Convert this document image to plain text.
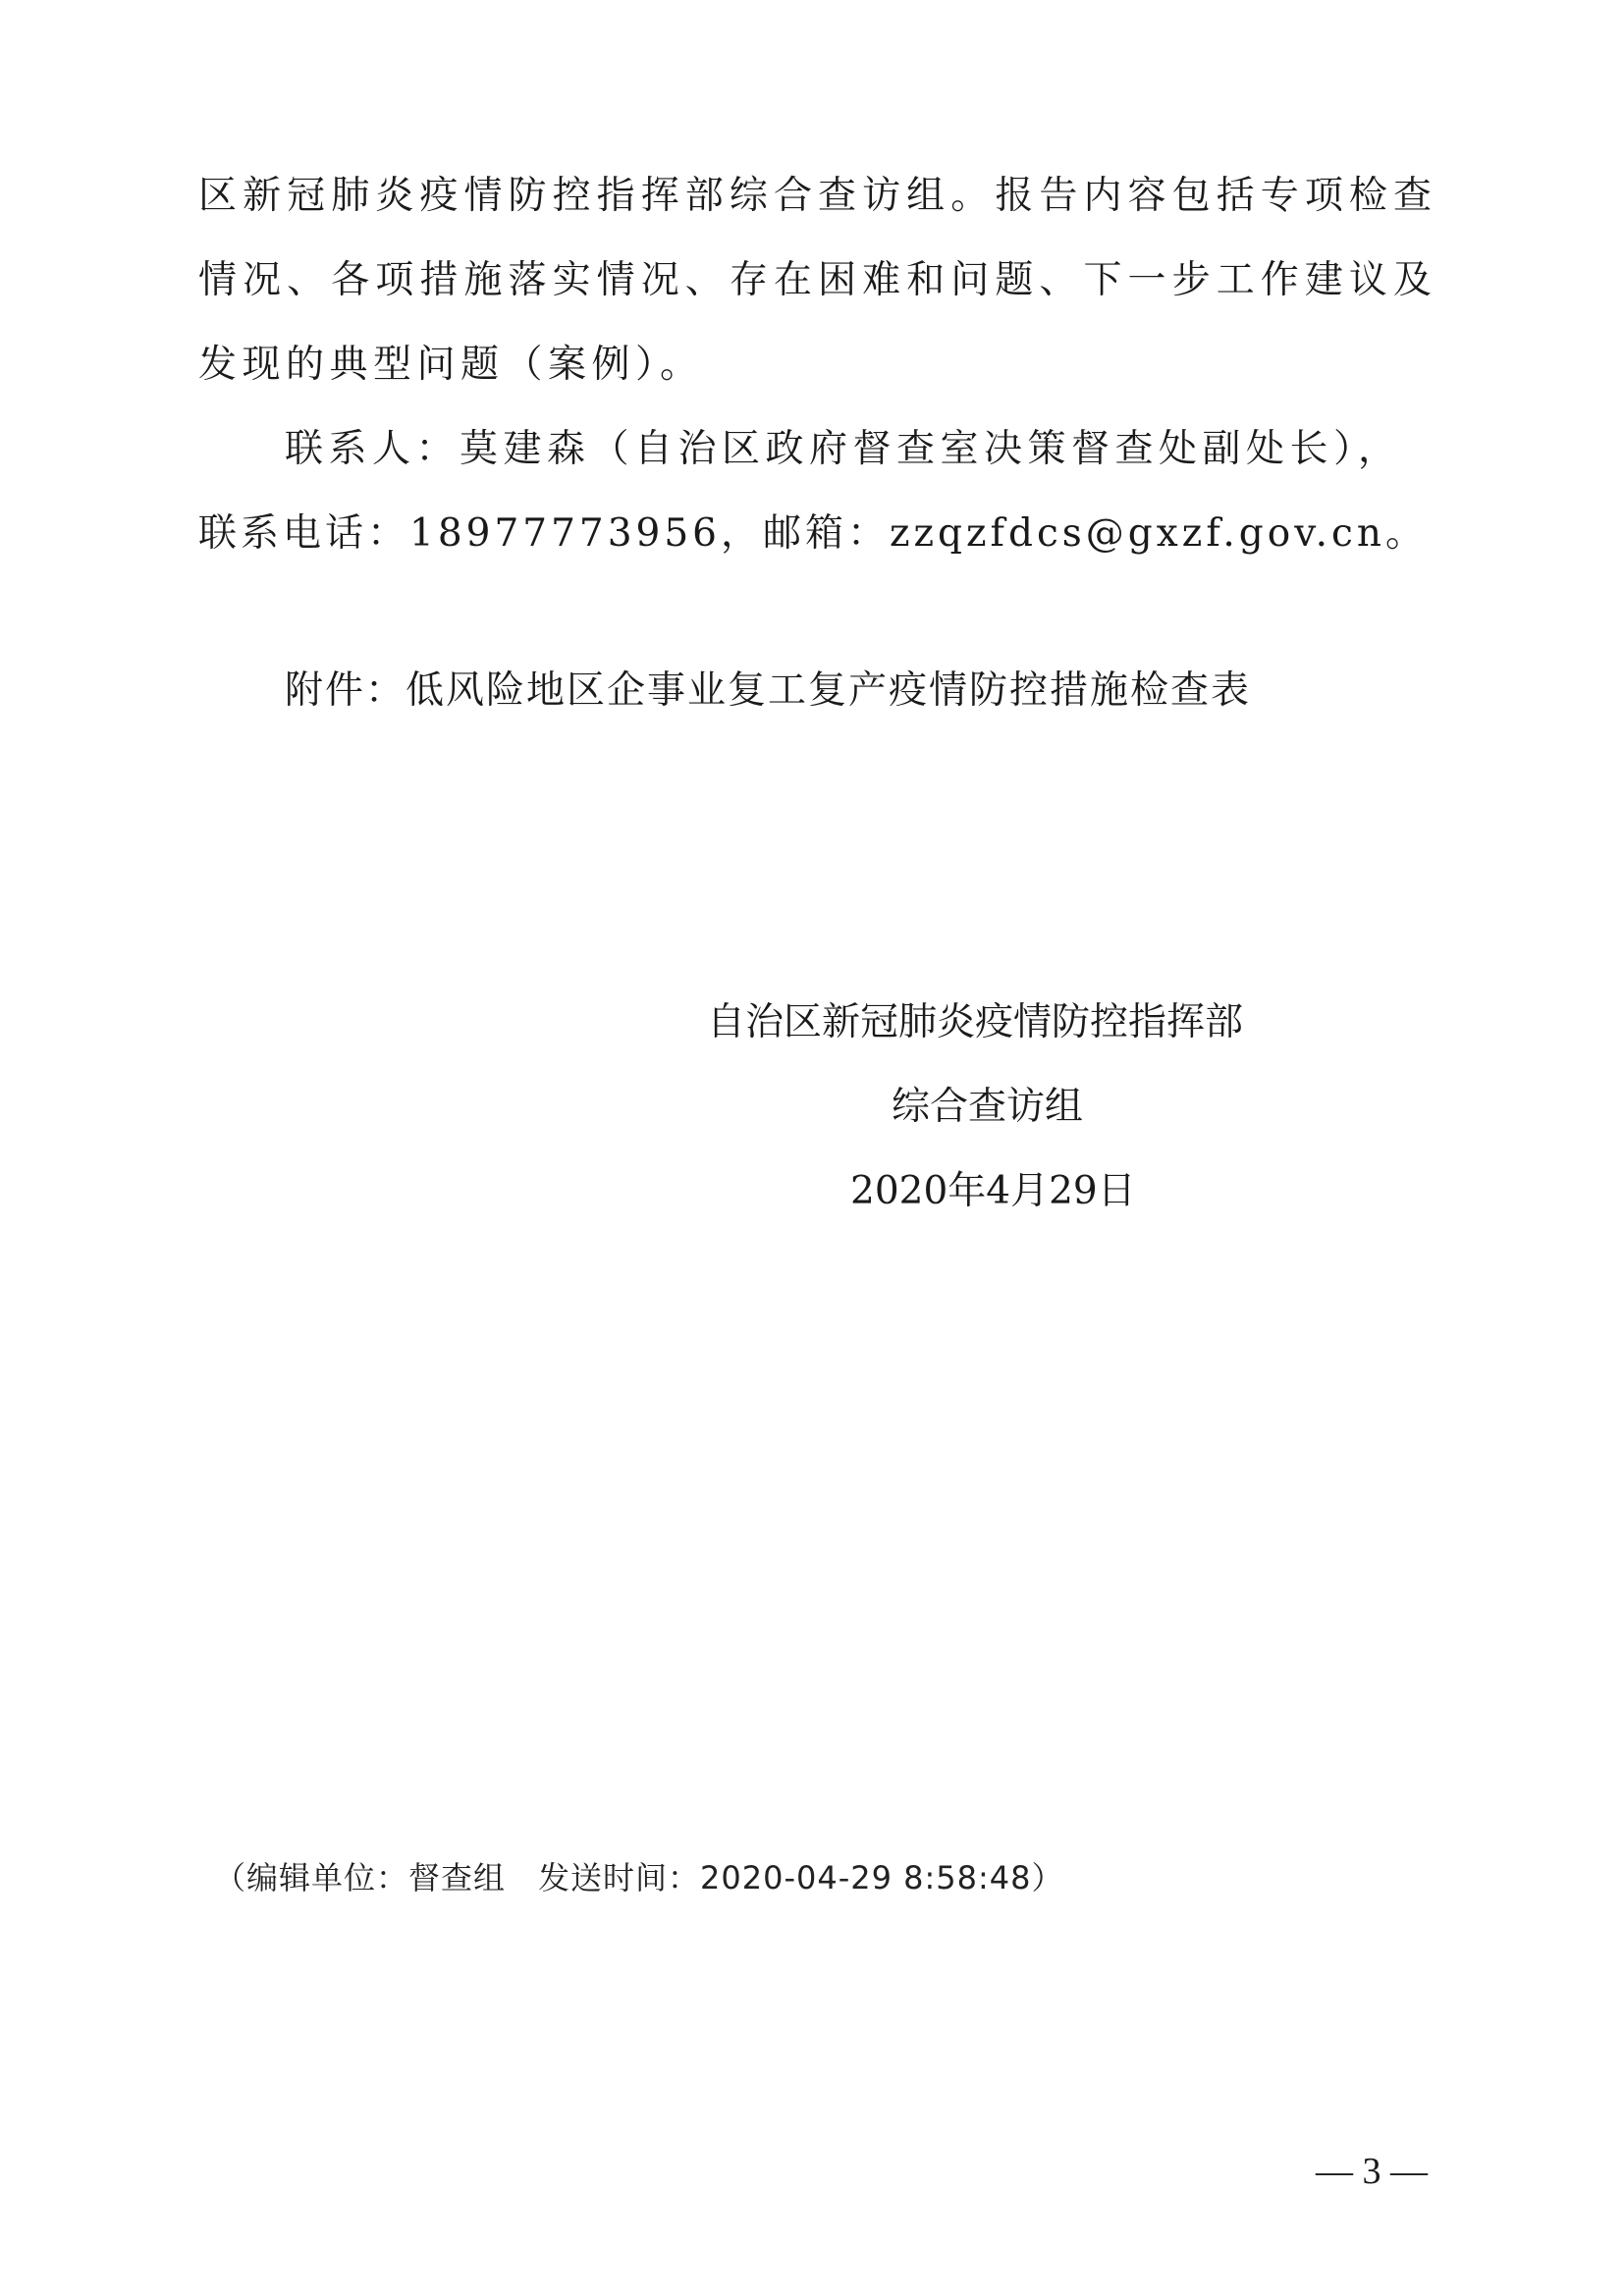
区新冠肺炎疫情防控指挥部综合查访组。报告内容包括专项检查
情况、各项措施落实情况、存在困难和问题、下一步工作建议及
发现的典型问题（案例）。
联系人：莫建森（自治区政府督查室决策督查处副处长），
联系电话：18977773956，邮箱：zzqzfdcs@gxzf.gov.cn。
附件：低风险地区企事业复工复产疫情防控措施检查表
自治区新冠肺炎疫情防控指挥部
综合查访组
2020年4月29日
（编辑单位：督查组　发送时间：2020-04-29 8:58:48）
— 3 —
